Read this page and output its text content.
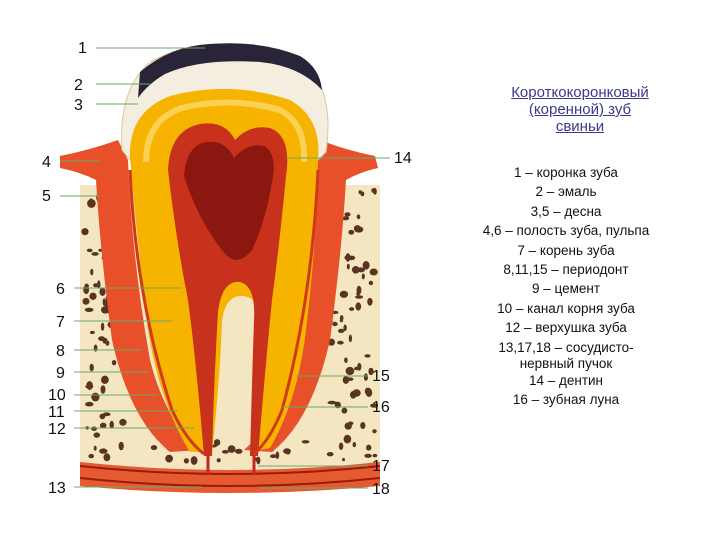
1
2
3
4
5
6
7
8
9
10
11
12
13
14
15
16
17
18
Короткокоронковый
(коренной) зуб
свиньи
1 – коронка зуба
2 – эмаль
3,5 – десна
4,6 – полость зуба, пульпа
7 – корень зуба
8,11,15 – периодонт
9 – цемент
10 – канал корня зуба
12 – верхушка зуба
13,17,18 – сосудисто-
нервный пучок
14 – дентин
16 – зубная луна
